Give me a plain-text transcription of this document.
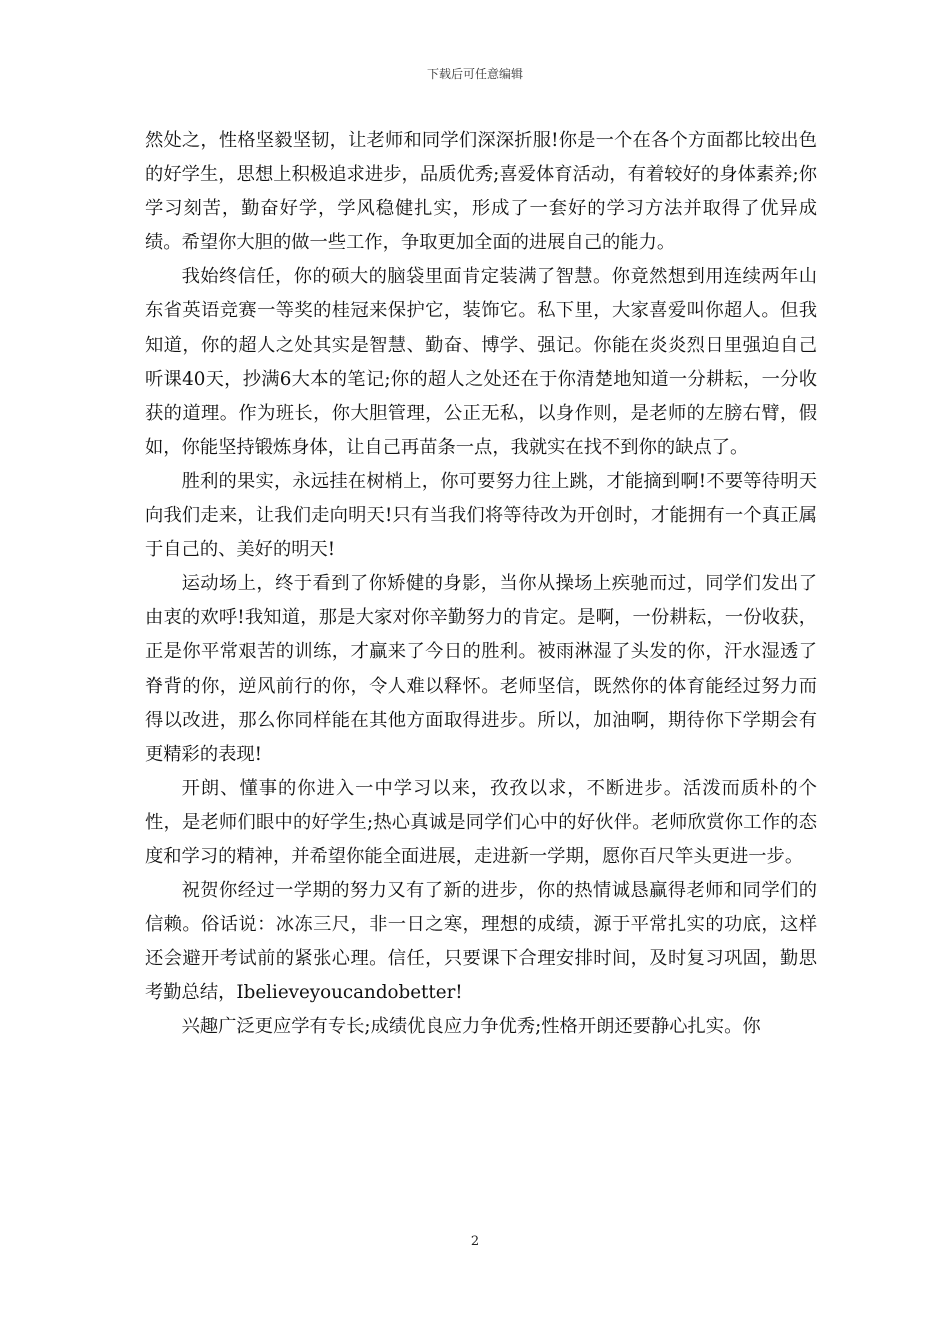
下载后可任意编辑

然处之，性格坚毅坚韧，让老师和同学们深深折服!你是一个在各个方面都比较出色的好学生，思想上积极追求进步，品质优秀;喜爱体育活动，有着较好的身体素养;你学习刻苦，勤奋好学，学风稳健扎实，形成了一套好的学习方法并取得了优异成绩。希望你大胆的做一些工作，争取更加全面的进展自己的能力。

我始终信任，你的硕大的脑袋里面肯定装满了智慧。你竟然想到用连续两年山东省英语竞赛一等奖的桂冠来保护它，装饰它。私下里，大家喜爱叫你超人。但我知道，你的超人之处其实是智慧、勤奋、博学、强记。你能在炎炎烈日里强迫自己听课40天，抄满6大本的笔记;你的超人之处还在于你清楚地知道一分耕耘，一分收获的道理。作为班长，你大胆管理，公正无私，以身作则，是老师的左膀右臂，假如，你能坚持锻炼身体，让自己再苗条一点，我就实在找不到你的缺点了。

胜利的果实，永远挂在树梢上，你可要努力往上跳，才能摘到啊!不要等待明天向我们走来，让我们走向明天!只有当我们将等待改为开创时，才能拥有一个真正属于自己的、美好的明天!

运动场上，终于看到了你矫健的身影，当你从操场上疾驰而过，同学们发出了由衷的欢呼!我知道，那是大家对你辛勤努力的肯定。是啊，一份耕耘，一份收获，正是你平常艰苦的训练，才赢来了今日的胜利。被雨淋湿了头发的你，汗水湿透了脊背的你，逆风前行的你，令人难以释怀。老师坚信，既然你的体育能经过努力而得以改进，那么你同样能在其他方面取得进步。所以，加油啊，期待你下学期会有更精彩的表现!

开朗、懂事的你进入一中学习以来，孜孜以求，不断进步。活泼而质朴的个性，是老师们眼中的好学生;热心真诚是同学们心中的好伙伴。老师欣赏你工作的态度和学习的精神，并希望你能全面进展，走进新一学期，愿你百尺竿头更进一步。

祝贺你经过一学期的努力又有了新的进步，你的热情诚恳赢得老师和同学们的信赖。俗话说：冰冻三尺，非一日之寒，理想的成绩，源于平常扎实的功底，这样还会避开考试前的紧张心理。信任，只要课下合理安排时间，及时复习巩固，勤思考勤总结，Ibelieveyoucandobetter!

兴趣广泛更应学有专长;成绩优良应力争优秀;性格开朗还要静心扎实。你

2
